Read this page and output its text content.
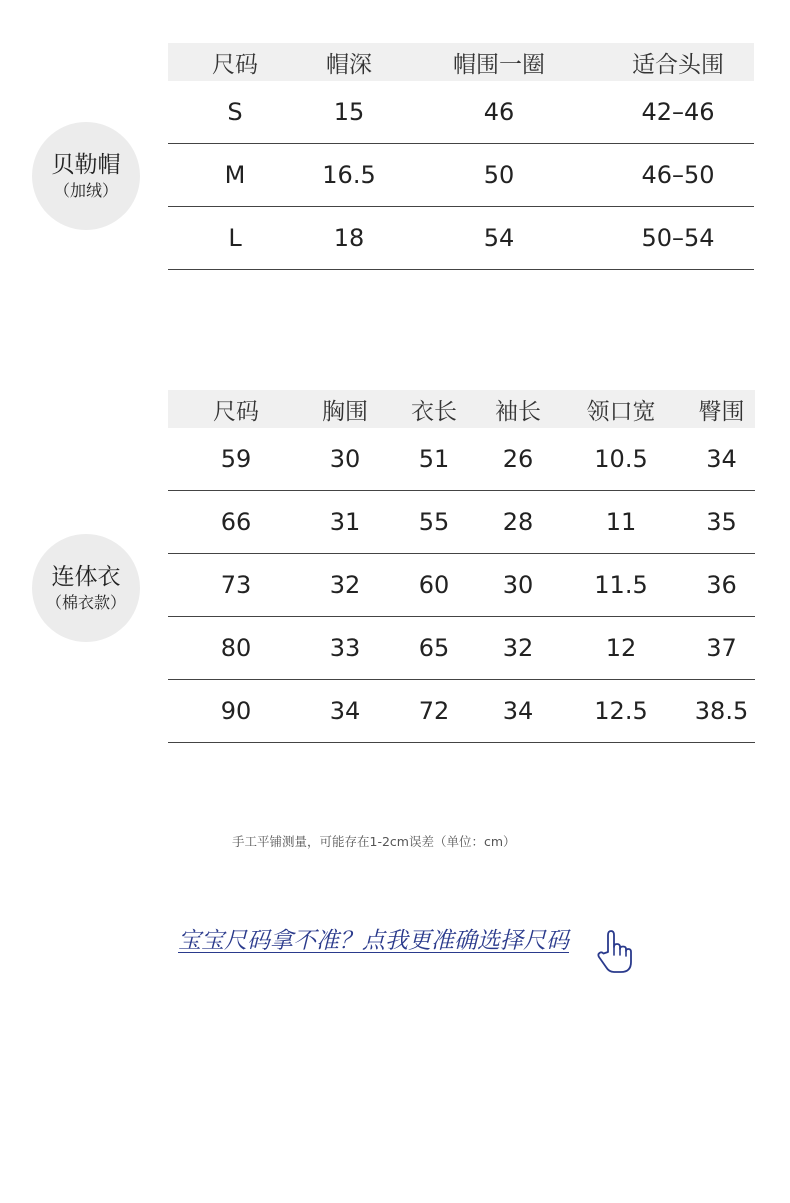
贝勒帽
（加绒）
尺码	帽深	帽围一圈	适合头围
S	15	46	42–46
M	16.5	50	46–50
L	18	54	50–54
连体衣
（棉衣款）
尺码	胸围	衣长	袖长	领口宽	臀围
59	30	51	26	10.5	34
66	31	55	28	11	35
73	32	60	30	11.5	36
80	33	65	32	12	37
90	34	72	34	12.5	38.5
手工平铺测量，可能存在1-2cm误差（单位：cm）
宝宝尺码拿不准？点我更准确选择尺码
